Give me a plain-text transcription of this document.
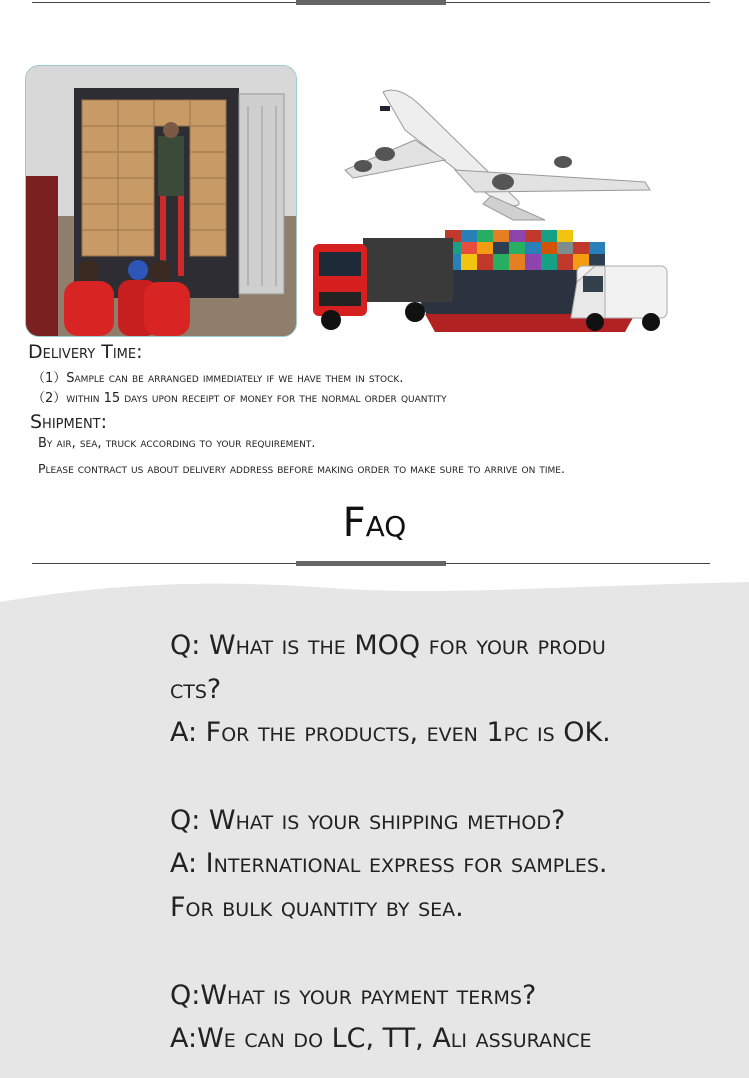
Delivery Time:
（1）Sample can be arranged immediately if we have them in stock.
（2）within 15 days upon receipt of money for the normal order quantity
Shipment:
By air, sea, truck according to your requirement.
Please contract us about delivery address before making order to make sure to arrive on time.
Faq
Q: What is the MOQ for your produ
cts?
A: For the products, even 1pc is OK.
Q: What is your shipping method?
A: International express for samples.
For bulk quantity by sea.
Q:What is your payment terms?
A:We can do LC, TT, Ali assurance
